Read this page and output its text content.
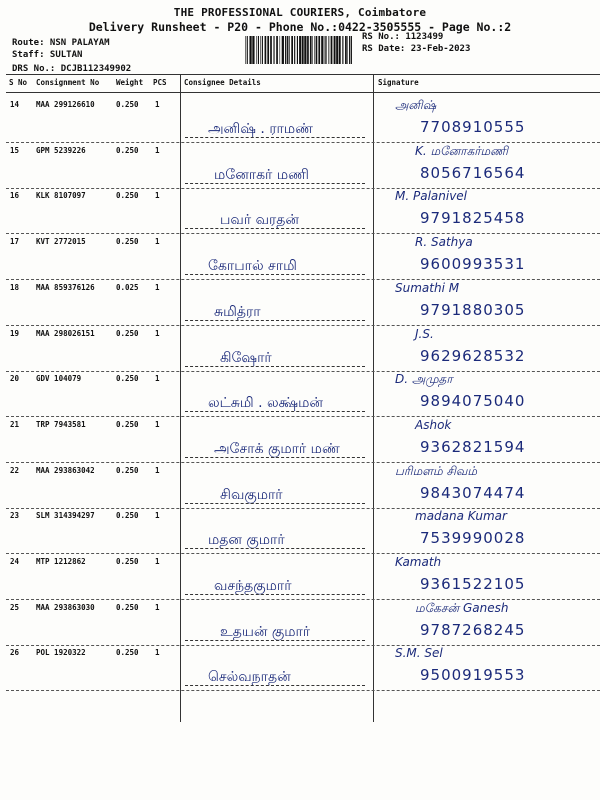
THE PROFESSIONAL COURIERS, Coimbatore
Delivery Runsheet - P20 - Phone No.:0422-3505555 - Page No.:2
Route: NSN PALAYAM
Staff: SULTAN
DRS No.: DCJB112349902
RS No.: 1123499
RS Date: 23-Feb-2023
S No Consignment No Weight PCS Consignee Details	Signature
14 MAA 299126610	0.250 1
அனிஷ் . ராமண்
அனிஷ்
7708910555
15 GPM 5239226	0.250 1
மனோகர் மணி
K. மனோகர்மணி
8056716564
16 KLK 8107097	0.250 1
பவர் வரதன்
M. Palanivel
9791825458
17 KVT 2772015	0.250 1
கோபால் சாமி
R. Sathya
9600993531
18 MAA 859376126	0.025 1
சுமித்ரா
Sumathi M
9791880305
19 MAA 298026151	0.250 1
கிஷோர்
J.S.
9629628532
20 GDV 104079	0.250 1
லட்சுமி . லக்ஷ்மன்
D. அமுதா
9894075040
21 TRP 7943581	0.250 1
அசோக் குமார் மண்
Ashok
9362821594
22 MAA 293863042	0.250 1
சிவகுமார்
பரிமளம் சிவம்
9843074474
23 SLM 314394297	0.250 1
மதன குமார்
madana Kumar
7539990028
24 MTP 1212862	0.250 1
வசந்தகுமார்
Kamath
9361522105
25 MAA 293863030	0.250 1
உதயன் குமார்
மகேசன் Ganesh
9787268245
26 POL 1920322	0.250 1
செல்வநாதன்
S.M. Sel
9500919553
